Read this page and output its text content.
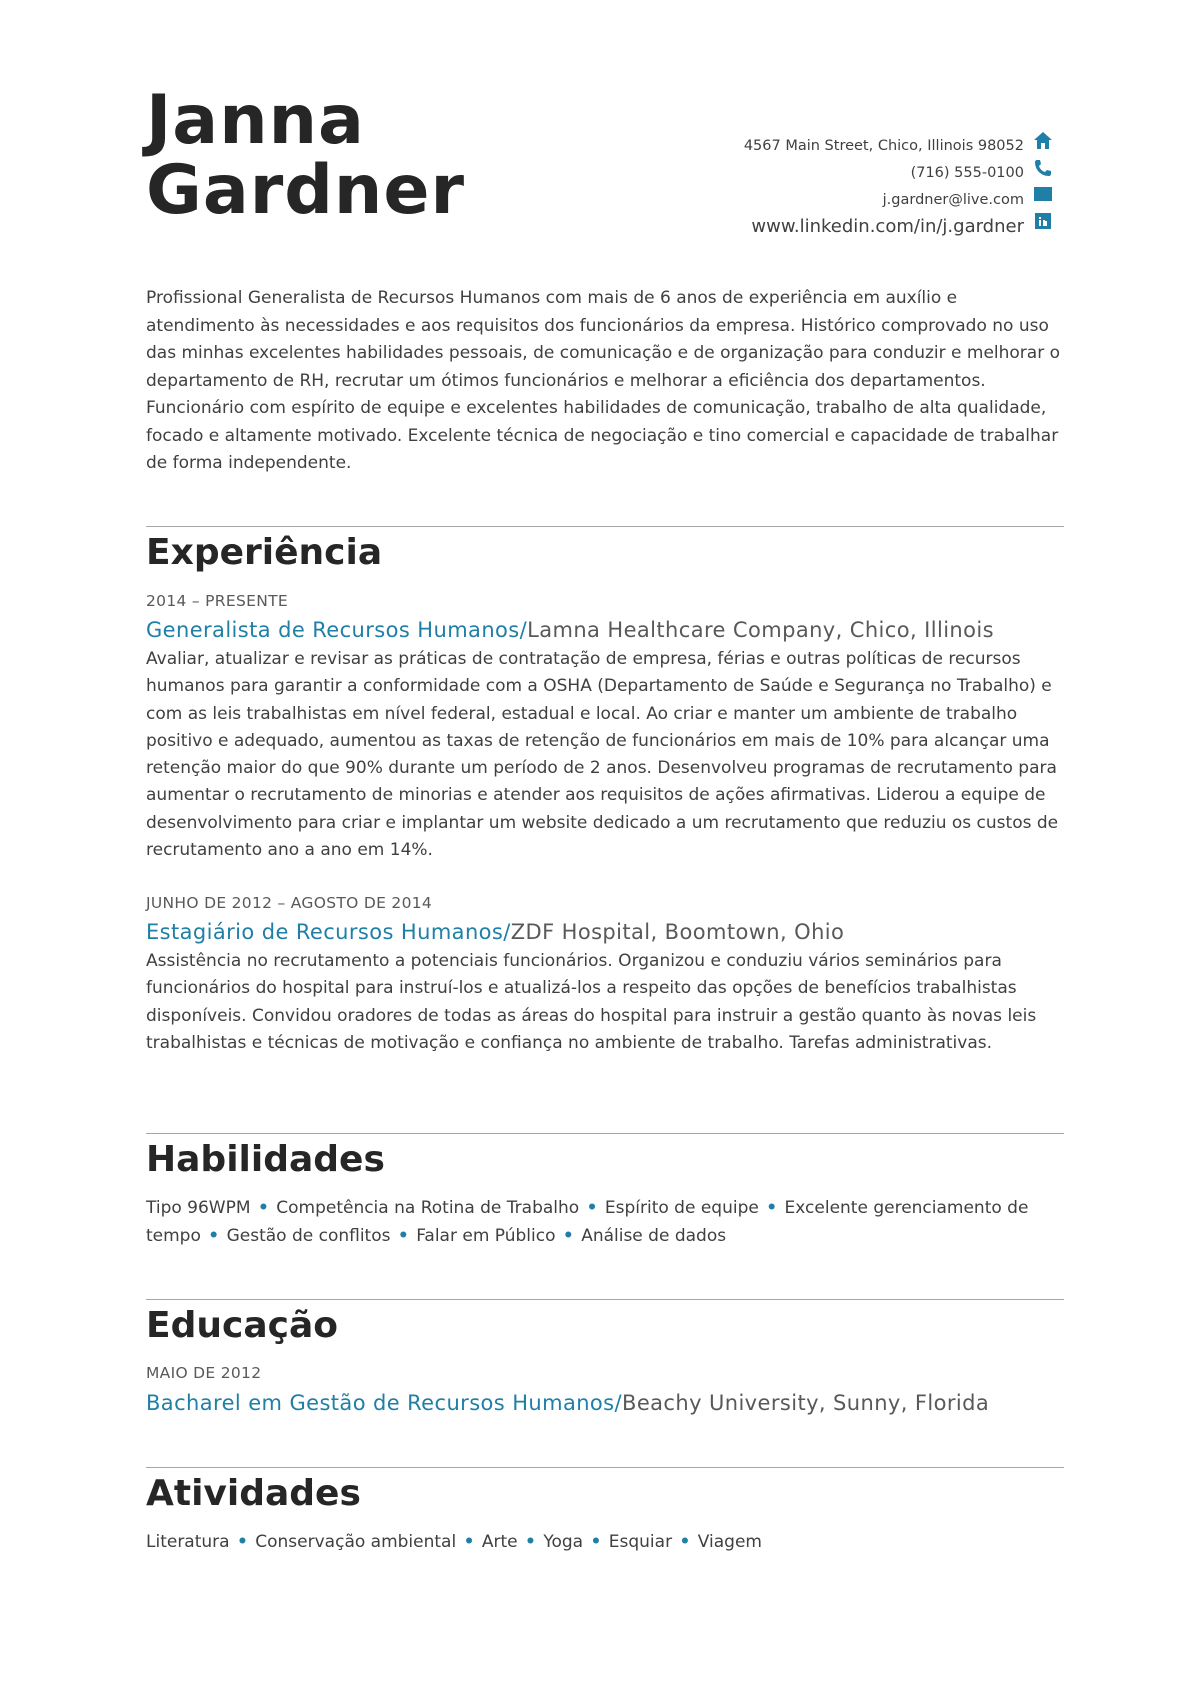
Janna
Gardner
4567 Main Street, Chico, Illinois 98052
(716) 555-0100
j.gardner@live.com
www.linkedin.com/in/j.gardner

Profissional Generalista de Recursos Humanos com mais de 6 anos de experiência em auxílio e atendimento às necessidades e aos requisitos dos funcionários da empresa. Histórico comprovado no uso das minhas excelentes habilidades pessoais, de comunicação e de organização para conduzir e melhorar o departamento de RH, recrutar um ótimos funcionários e melhorar a eficiência dos departamentos. Funcionário com espírito de equipe e excelentes habilidades de comunicação, trabalho de alta qualidade, focado e altamente motivado. Excelente técnica de negociação e tino comercial e capacidade de trabalhar de forma independente.

Experiência
2014 – PRESENTE
Generalista de Recursos Humanos/Lamna Healthcare Company, Chico, Illinois

Avaliar, atualizar e revisar as práticas de contratação de empresa, férias e outras políticas de recursos humanos para garantir a conformidade com a OSHA (Departamento de Saúde e Segurança no Trabalho) e com as leis trabalhistas em nível federal, estadual e local. Ao criar e manter um ambiente de trabalho positivo e adequado, aumentou as taxas de retenção de funcionários em mais de 10% para alcançar uma retenção maior do que 90% durante um período de 2 anos. Desenvolveu programas de recrutamento para aumentar o recrutamento de minorias e atender aos requisitos de ações afirmativas. Liderou a equipe de desenvolvimento para criar e implantar um website dedicado a um recrutamento que reduziu os custos de recrutamento ano a ano em 14%.

JUNHO DE 2012 – AGOSTO DE 2014
Estagiário de Recursos Humanos/ZDF Hospital, Boomtown, Ohio

Assistência no recrutamento a potenciais funcionários. Organizou e conduziu vários seminários para funcionários do hospital para instruí-los e atualizá-los a respeito das opções de benefícios trabalhistas disponíveis. Convidou oradores de todas as áreas do hospital para instruir a gestão quanto às novas leis trabalhistas e técnicas de motivação e confiança no ambiente de trabalho. Tarefas administrativas.

Habilidades

Tipo 96WPM • Competência na Rotina de Trabalho • Espírito de equipe • Excelente gerenciamento de tempo • Gestão de conflitos • Falar em Público • Análise de dados

Educação
MAIO DE 2012
Bacharel em Gestão de Recursos Humanos/Beachy University, Sunny, Florida
Atividades

Literatura • Conservação ambiental • Arte • Yoga • Esquiar • Viagem
